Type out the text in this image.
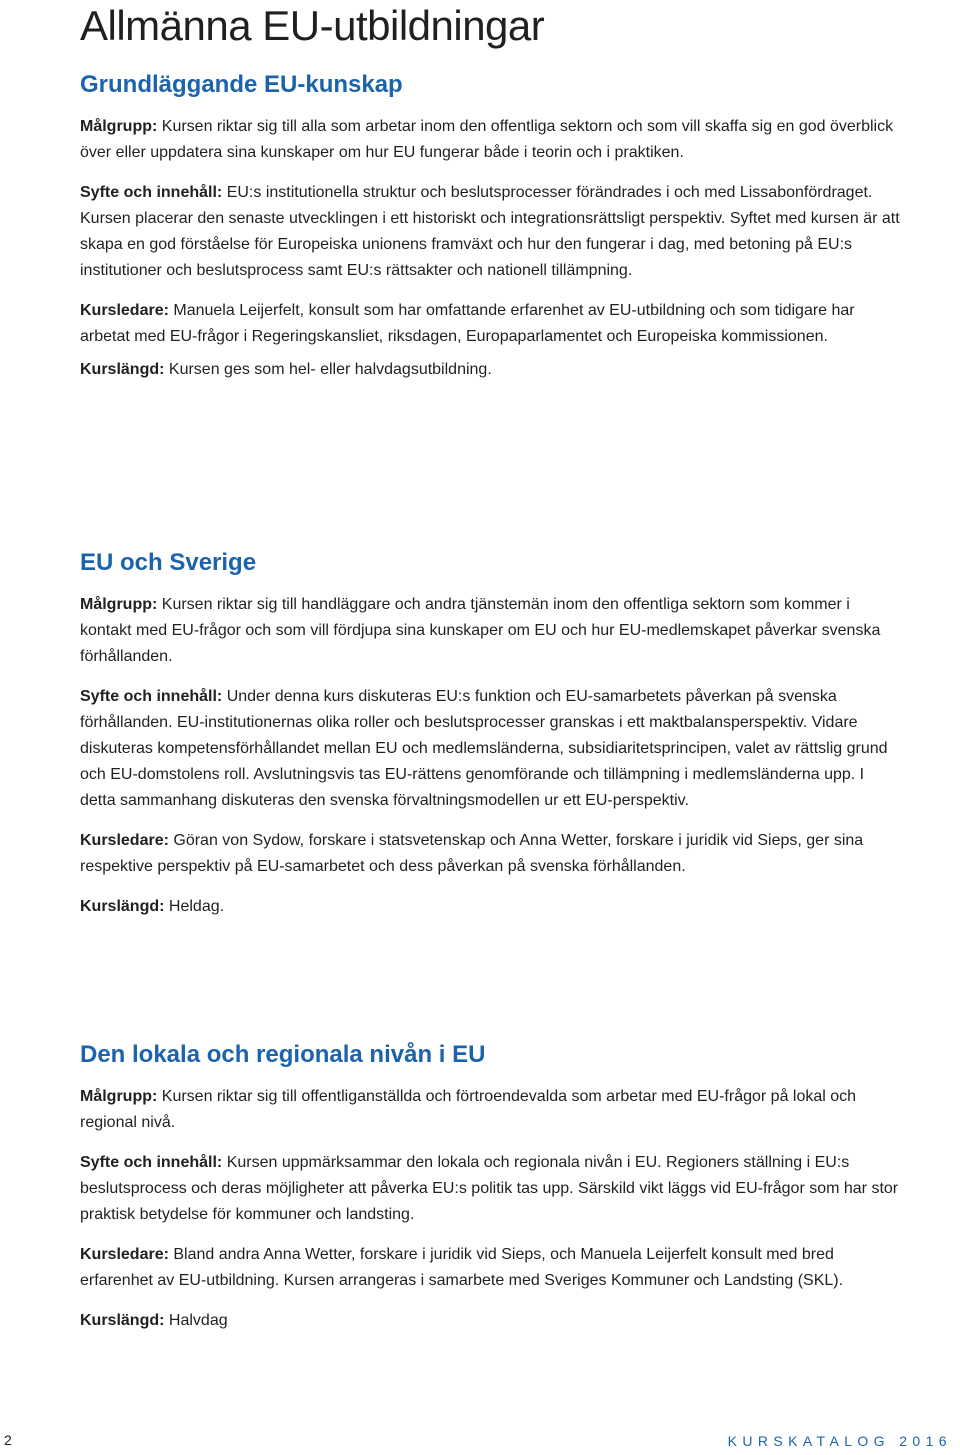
Allmänna EU-utbildningar
Grundläggande EU-kunskap

Målgrupp: Kursen riktar sig till alla som arbetar inom den offentliga sektorn och som vill skaffa sig en god överblick över eller uppdatera sina kunskaper om hur EU fungerar både i teorin och i praktiken.

Syfte och innehåll: EU:s institutionella struktur och beslutsprocesser förändrades i och med Lissabonfördraget. Kursen placerar den senaste utvecklingen i ett historiskt och integrationsrättsligt perspektiv. Syftet med kursen är att skapa en god förståelse för Europeiska unionens framväxt och hur den fungerar i dag, med betoning på EU:s institutioner och beslutsprocess samt EU:s rättsakter och nationell tillämpning.

Kursledare: Manuela Leijerfelt, konsult som har omfattande erfarenhet av EU-utbildning och som tidigare har arbetat med EU-frågor i Regeringskansliet, riksdagen, Europaparlamentet och Europeiska kommissionen.

Kurslängd: Kursen ges som hel- eller halvdagsutbildning.

EU och Sverige

Målgrupp: Kursen riktar sig till handläggare och andra tjänstemän inom den offentliga sektorn som kommer i kontakt med EU-frågor och som vill fördjupa sina kunskaper om EU och hur EU-medlemskapet påverkar svenska förhållanden.

Syfte och innehåll: Under denna kurs diskuteras EU:s funktion och EU-samarbetets påverkan på svenska förhållanden. EU-institutionernas olika roller och beslutsprocesser granskas i ett maktbalansperspektiv. Vidare diskuteras kompetensförhållandet mellan EU och medlemsländerna, subsidiaritetsprincipen, valet av rättslig grund och EU-domstolens roll. Avslutningsvis tas EU-rättens genomförande och tillämpning i medlemsländerna upp. I detta sammanhang diskuteras den svenska förvaltningsmodellen ur ett EU-perspektiv.

Kursledare: Göran von Sydow, forskare i statsvetenskap och Anna Wetter, forskare i juridik vid Sieps, ger sina respektive perspektiv på EU-samarbetet och dess påverkan på svenska förhållanden.

Kurslängd: Heldag.

Den lokala och regionala nivån i EU

Målgrupp: Kursen riktar sig till offentliganställda och förtroendevalda som arbetar med EU-frågor på lokal och regional nivå.

Syfte och innehåll: Kursen uppmärksammar den lokala och regionala nivån i EU. Regioners ställning i EU:s beslutsprocess och deras möjligheter att påverka EU:s politik tas upp. Särskild vikt läggs vid EU-frågor som har stor praktisk betydelse för kommuner och landsting.

Kursledare: Bland andra Anna Wetter, forskare i juridik vid Sieps, och Manuela Leijerfelt konsult med bred erfarenhet av EU-utbildning. Kursen arrangeras i samarbete med Sveriges Kommuner och Landsting (SKL).

Kurslängd: Halvdag

2	KURSKATALOG 2016
